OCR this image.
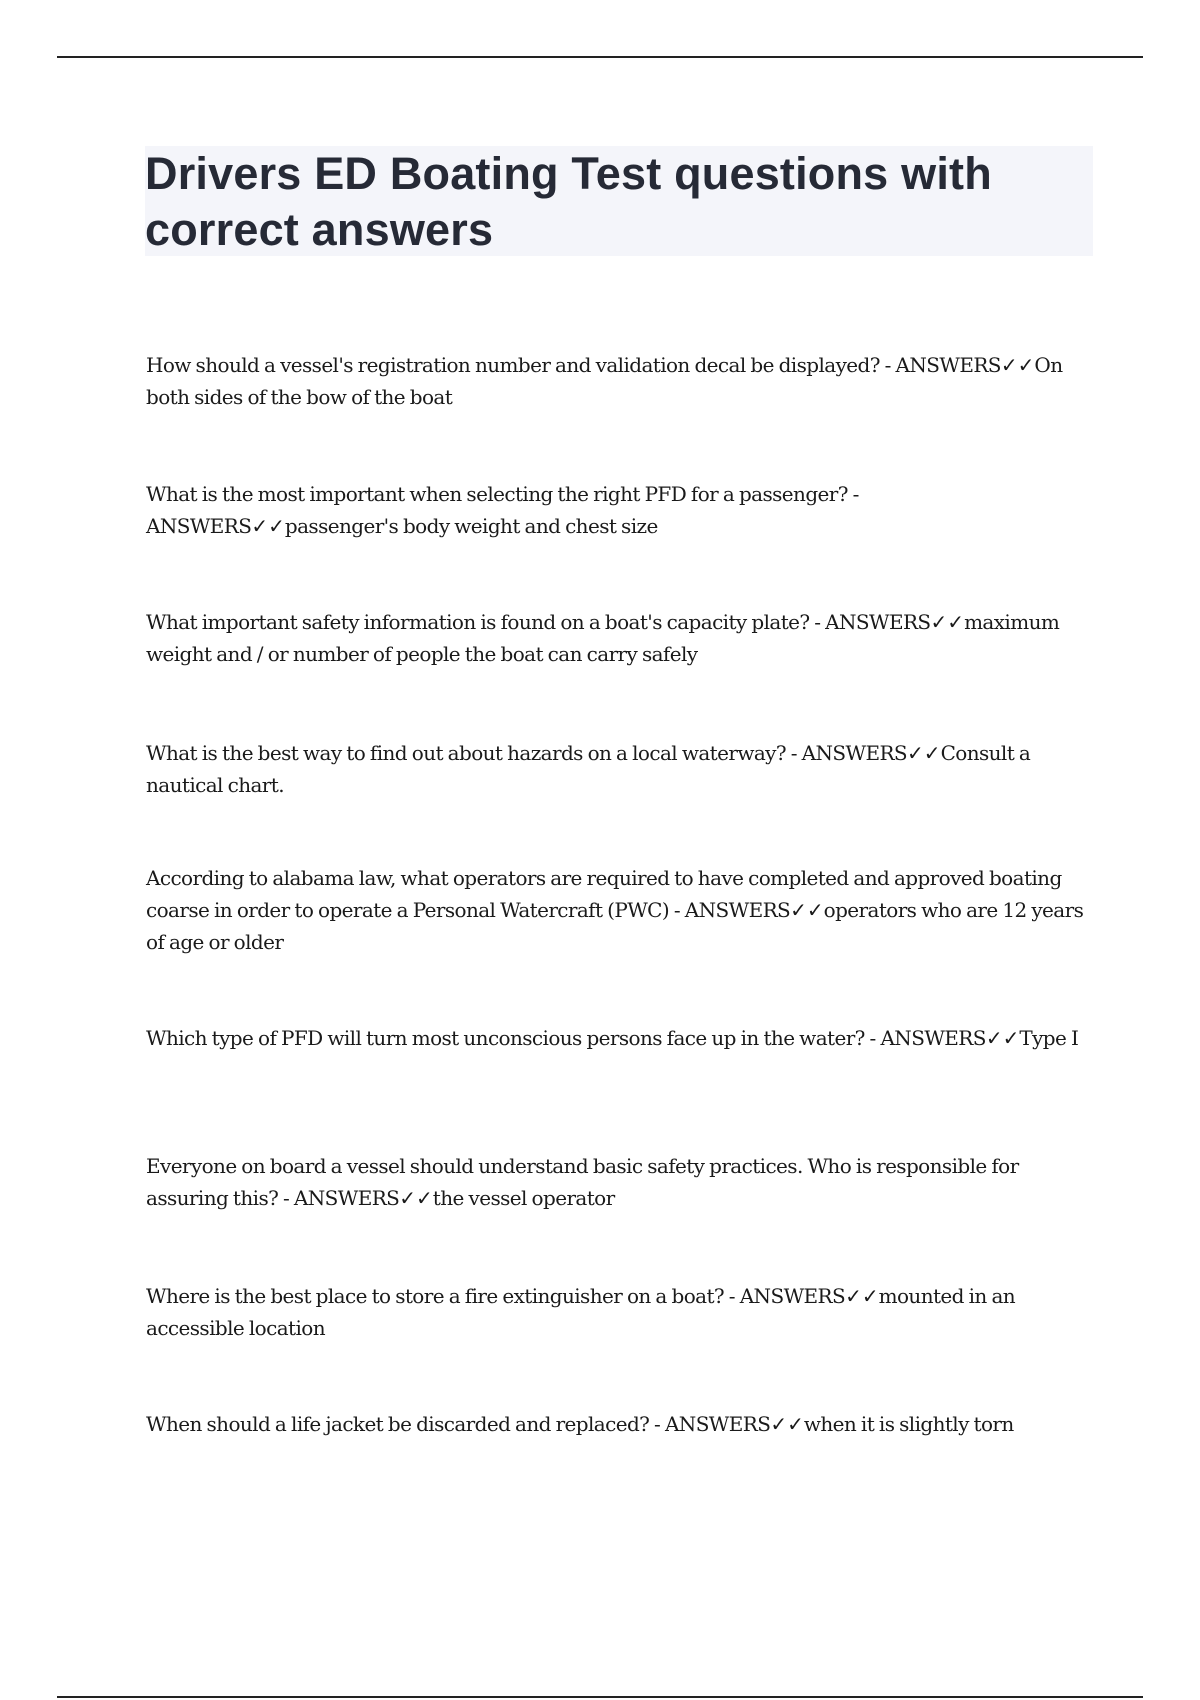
Drivers ED Boating Test questions with correct answers

How should a vessel's registration number and validation decal be displayed? - ANSWERS✓✓On both sides of the bow of the boat

What is the most important when selecting the right PFD for a passenger? - ANSWERS✓✓passenger's body weight and chest size

What important safety information is found on a boat's capacity plate? - ANSWERS✓✓maximum weight and / or number of people the boat can carry safely

What is the best way to find out about hazards on a local waterway? - ANSWERS✓✓Consult a nautical chart.

According to alabama law, what operators are required to have completed and approved boating coarse in order to operate a Personal Watercraft (PWC) - ANSWERS✓✓operators who are 12 years of age or older

Which type of PFD will turn most unconscious persons face up in the water? - ANSWERS✓✓Type I

Everyone on board a vessel should understand basic safety practices. Who is responsible for assuring this? - ANSWERS✓✓the vessel operator

Where is the best place to store a fire extinguisher on a boat? - ANSWERS✓✓mounted in an accessible location

When should a life jacket be discarded and replaced? - ANSWERS✓✓when it is slightly torn
